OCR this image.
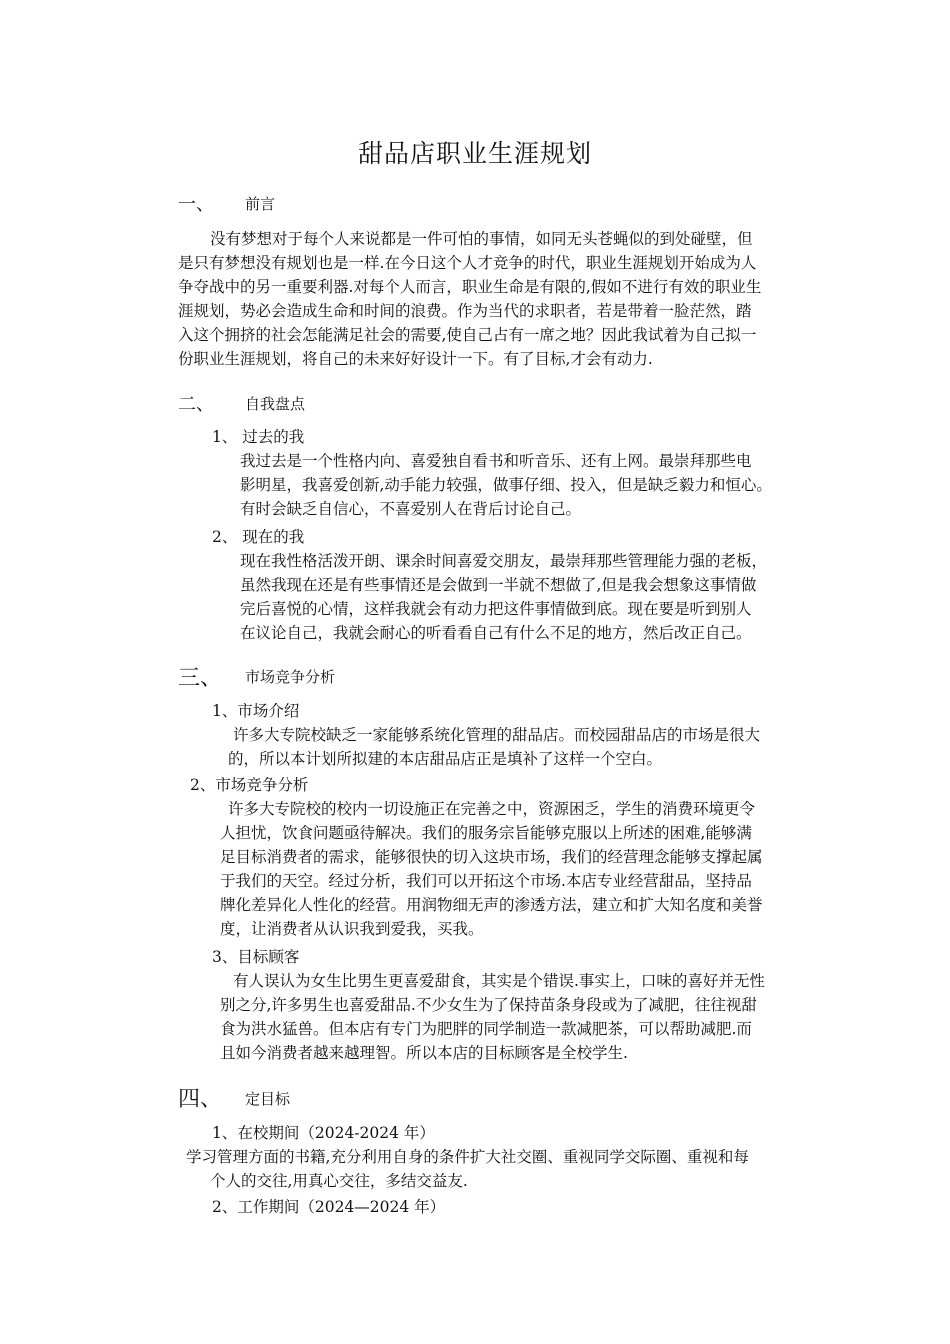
甜品店职业生涯规划
一、 前言
没有梦想对于每个人来说都是一件可怕的事情，如同无头苍蝇似的到处碰壁，但
是只有梦想没有规划也是一样.在今日这个人才竞争的时代，职业生涯规划开始成为人
争夺战中的另一重要利器.对每个人而言，职业生命是有限的,假如不进行有效的职业生
涯规划，势必会造成生命和时间的浪费。作为当代的求职者，若是带着一脸茫然，踏
入这个拥挤的社会怎能满足社会的需要,使自己占有一席之地？因此我试着为自己拟一
份职业生涯规划，将自己的未来好好设计一下。有了目标,才会有动力.
二、 自我盘点
1、 过去的我
我过去是一个性格内向、喜爱独自看书和听音乐、还有上网。最崇拜那些电
影明星，我喜爱创新,动手能力较强，做事仔细、投入，但是缺乏毅力和恒心。
有时会缺乏自信心，不喜爱别人在背后讨论自己。
2、 现在的我
现在我性格活泼开朗、课余时间喜爱交朋友，最崇拜那些管理能力强的老板，
虽然我现在还是有些事情还是会做到一半就不想做了,但是我会想象这事情做
完后喜悦的心情，这样我就会有动力把这件事情做到底。现在要是听到别人
在议论自己，我就会耐心的听看看自己有什么不足的地方，然后改正自己。
三、 市场竞争分析
1、市场介绍
许多大专院校缺乏一家能够系统化管理的甜品店。而校园甜品店的市场是很大
的，所以本计划所拟建的本店甜品店正是填补了这样一个空白。
2、市场竞争分析
许多大专院校的校内一切设施正在完善之中，资源困乏，学生的消费环境更令
人担忧，饮食问题亟待解决。我们的服务宗旨能够克服以上所述的困难,能够满
足目标消费者的需求，能够很快的切入这块市场，我们的经营理念能够支撑起属
于我们的天空。经过分析，我们可以开拓这个市场.本店专业经营甜品，坚持品
牌化差异化人性化的经营。用润物细无声的渗透方法，建立和扩大知名度和美誉
度，让消费者从认识我到爱我，买我。
3、目标顾客
有人误认为女生比男生更喜爱甜食，其实是个错误.事实上，口味的喜好并无性
别之分,许多男生也喜爱甜品.不少女生为了保持苗条身段或为了减肥，往往视甜
食为洪水猛兽。但本店有专门为肥胖的同学制造一款减肥茶，可以帮助减肥.而
且如今消费者越来越理智。所以本店的目标顾客是全校学生.
四、 定目标
1、在校期间（2024-2024 年）
学习管理方面的书籍,充分利用自身的条件扩大社交圈、重视同学交际圈、重视和每
个人的交往,用真心交往，多结交益友.
2、工作期间（2024—2024 年）
